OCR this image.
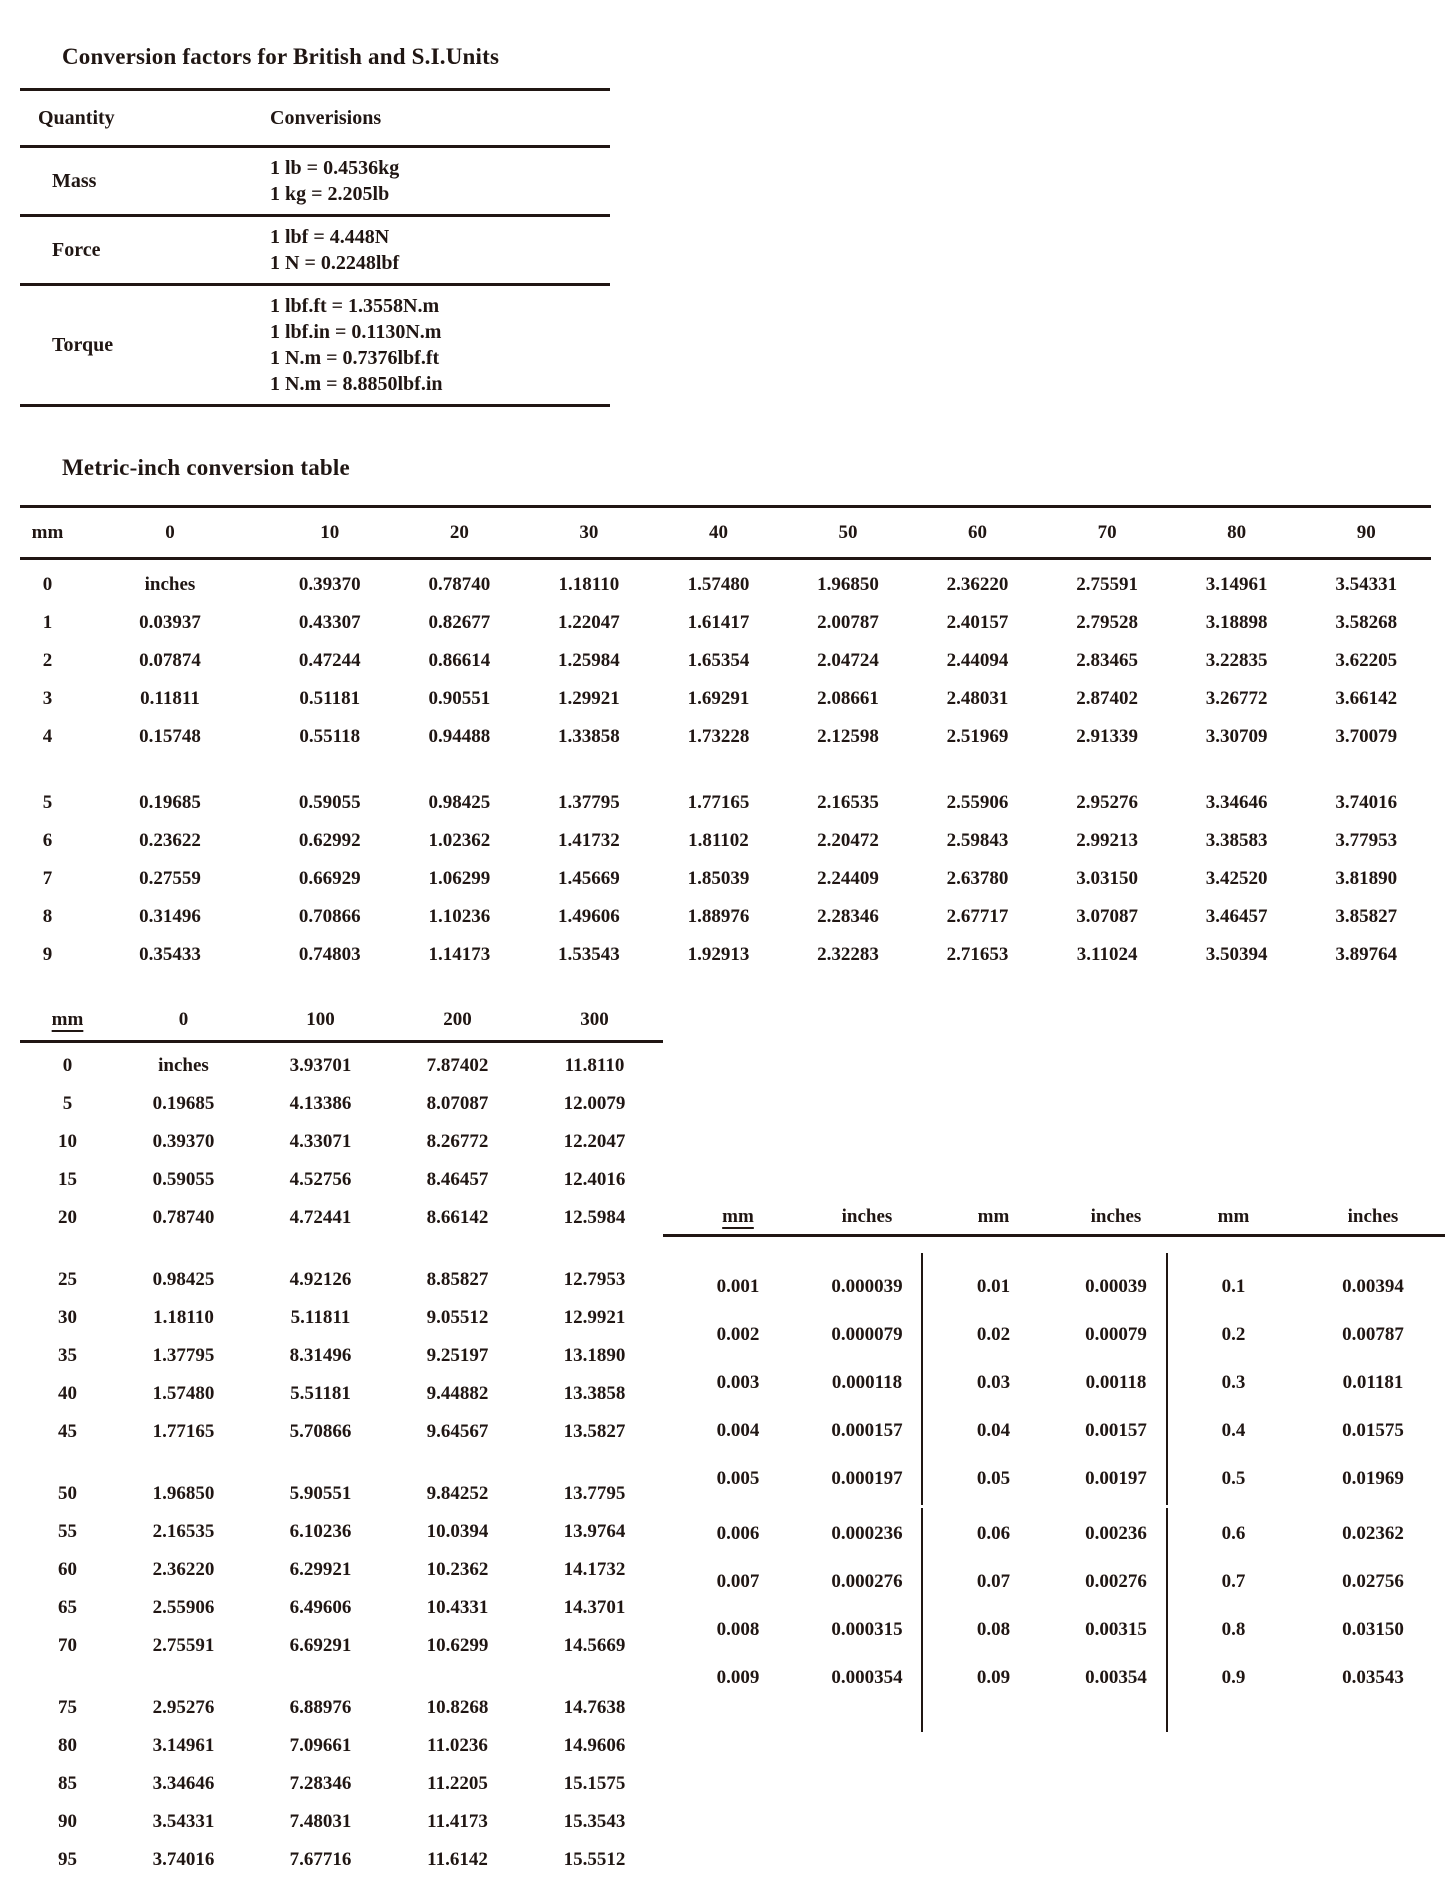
Conversion factors for British and S.I.Units
Quantity	Converisions
Mass
1 lb = 0.4536kg
1 kg = 2.205lb
Force
1 lbf = 4.448N
1 N = 0.2248lbf
Torque
1 lbf.ft = 1.3558N.m
1 lbf.in = 0.1130N.m
1 N.m = 0.7376lbf.ft
1 N.m = 8.8850lbf.in
Metric-inch conversion table
mm	0	10	20	30	40	50	60	70	80	90
0	inches	0.39370	0.78740	1.18110	1.57480	1.96850	2.36220	2.75591	3.14961	3.54331
1	0.03937	0.43307	0.82677	1.22047	1.61417	2.00787	2.40157	2.79528	3.18898	3.58268
2	0.07874	0.47244	0.86614	1.25984	1.65354	2.04724	2.44094	2.83465	3.22835	3.62205
3	0.11811	0.51181	0.90551	1.29921	1.69291	2.08661	2.48031	2.87402	3.26772	3.66142
4	0.15748	0.55118	0.94488	1.33858	1.73228	2.12598	2.51969	2.91339	3.30709	3.70079
5	0.19685	0.59055	0.98425	1.37795	1.77165	2.16535	2.55906	2.95276	3.34646	3.74016
6	0.23622	0.62992	1.02362	1.41732	1.81102	2.20472	2.59843	2.99213	3.38583	3.77953
7	0.27559	0.66929	1.06299	1.45669	1.85039	2.24409	2.63780	3.03150	3.42520	3.81890
8	0.31496	0.70866	1.10236	1.49606	1.88976	2.28346	2.67717	3.07087	3.46457	3.85827
9	0.35433	0.74803	1.14173	1.53543	1.92913	2.32283	2.71653	3.11024	3.50394	3.89764
mm	0	100	200	300
0	inches	3.93701	7.87402	11.8110
5	0.19685	4.13386	8.07087	12.0079
10	0.39370	4.33071	8.26772	12.2047
15	0.59055	4.52756	8.46457	12.4016
20	0.78740	4.72441	8.66142	12.5984
25	0.98425	4.92126	8.85827	12.7953
30	1.18110	5.11811	9.05512	12.9921
35	1.37795	8.31496	9.25197	13.1890
40	1.57480	5.51181	9.44882	13.3858
45	1.77165	5.70866	9.64567	13.5827
50	1.96850	5.90551	9.84252	13.7795
55	2.16535	6.10236	10.0394	13.9764
60	2.36220	6.29921	10.2362	14.1732
65	2.55906	6.49606	10.4331	14.3701
70	2.75591	6.69291	10.6299	14.5669
75	2.95276	6.88976	10.8268	14.7638
80	3.14961	7.09661	11.0236	14.9606
85	3.34646	7.28346	11.2205	15.1575
90	3.54331	7.48031	11.4173	15.3543
95	3.74016	7.67716	11.6142	15.5512
mm	inches	mm	inches	mm	inches
0.001	0.000039	0.01	0.00039	0.1	0.00394
0.002	0.000079	0.02	0.00079	0.2	0.00787
0.003	0.000118	0.03	0.00118	0.3	0.01181
0.004	0.000157	0.04	0.00157	0.4	0.01575
0.005	0.000197	0.05	0.00197	0.5	0.01969
0.006	0.000236	0.06	0.00236	0.6	0.02362
0.007	0.000276	0.07	0.00276	0.7	0.02756
0.008	0.000315	0.08	0.00315	0.8	0.03150
0.009	0.000354	0.09	0.00354	0.9	0.03543
